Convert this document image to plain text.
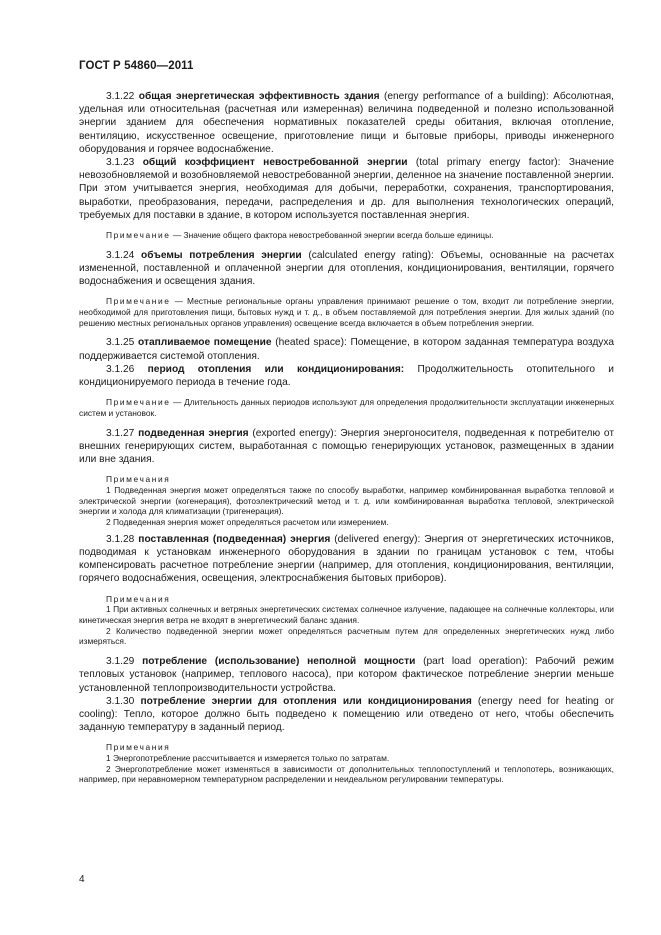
ГОСТ Р 54860—2011

3.1.22 общая энергетическая эффективность здания (energy performance of a building): Абсолютная, удельная или относительная (расчетная или измеренная) величина подведенной и полезно использованной энергии зданием для обеспечения нормативных показателей среды обитания, включая отопление, вентиляцию, искусственное освещение, приготовление пищи и бытовые приборы, приводы инженерного оборудования и горячее водоснабжение.

3.1.23 общий коэффициент невостребованной энергии (total primary energy factor): Значение невозобновляемой и возобновляемой невостребованной энергии, деленное на значение поставленной энергии. При этом учитывается энергия, необходимая для добычи, переработки, сохранения, транспортирования, выработки, преобразования, передачи, распределения и др. для выполнения технологических операций, требуемых для поставки в здание, в котором используется поставленная энергия.

Примечание — Значение общего фактора невостребованной энергии всегда больше единицы.

3.1.24 объемы потребления энергии (calculated energy rating): Объемы, основанные на расчетах измененной, поставленной и оплаченной энергии для отопления, кондиционирования, вентиляции, горячего водоснабжения и освещения здания.

Примечание — Местные региональные органы управления принимают решение о том, входит ли потребление энергии, необходимой для приготовления пищи, бытовых нужд и т. д., в объем поставляемой для потребления энергии. Для жилых зданий (по решению местных региональных органов управления) освещение всегда включается в объем потребления энергии.

3.1.25 отапливаемое помещение (heated space): Помещение, в котором заданная температура воздуха поддерживается системой отопления.

3.1.26 период отопления или кондиционирования: Продолжительность отопительного и кондиционируемого периода в течение года.

Примечание — Длительность данных периодов используют для определения продолжительности эксплуатации инженерных систем и установок.

3.1.27 подведенная энергия (exported energy): Энергия энергоносителя, подведенная к потребителю от внешних генерирующих систем, выработанная с помощью генерирующих установок, размещенных в здании или вне здания.

Примечания

1 Подведенная энергия может определяться также по способу выработки, например комбинированная выработка тепловой и электрической энергии (когенерация), фотоэлектрический метод и т. д. или комбинированная выработка тепловой, электрической энергии и холода для климатизации (тригенерация).

2 Подведенная энергия может определяться расчетом или измерением.

3.1.28 поставленная (подведенная) энергия (delivered energy): Энергия от энергетических источников, подводимая к установкам инженерного оборудования в здании по границам установок с тем, чтобы компенсировать расчетное потребление энергии (например, для отопления, кондиционирования, вентиляции, горячего водоснабжения, освещения, электроснабжения бытовых приборов).

Примечания

1 При активных солнечных и ветряных энергетических системах солнечное излучение, падающее на солнечные коллекторы, или кинетическая энергия ветра не входят в энергетический баланс здания.

2 Количество подведенной энергии может определяться расчетным путем для определенных энергетических нужд либо измеряться.

3.1.29 потребление (использование) неполной мощности (part load operation): Рабочий режим тепловых установок (например, теплового насоса), при котором фактическое потребление энергии меньше установленной теплопроизводительности устройства.

3.1.30 потребление энергии для отопления или кондиционирования (energy need for heating or cooling): Тепло, которое должно быть подведено к помещению или отведено от него, чтобы обеспечить заданную температуру в заданный период.

Примечания

1 Энергопотребление рассчитывается и измеряется только по затратам.

2 Энергопотребление может изменяться в зависимости от дополнительных теплопоступлений и теплопотерь, возникающих, например, при неравномерном температурном распределении и неидеальном регулировании температуры.

4
